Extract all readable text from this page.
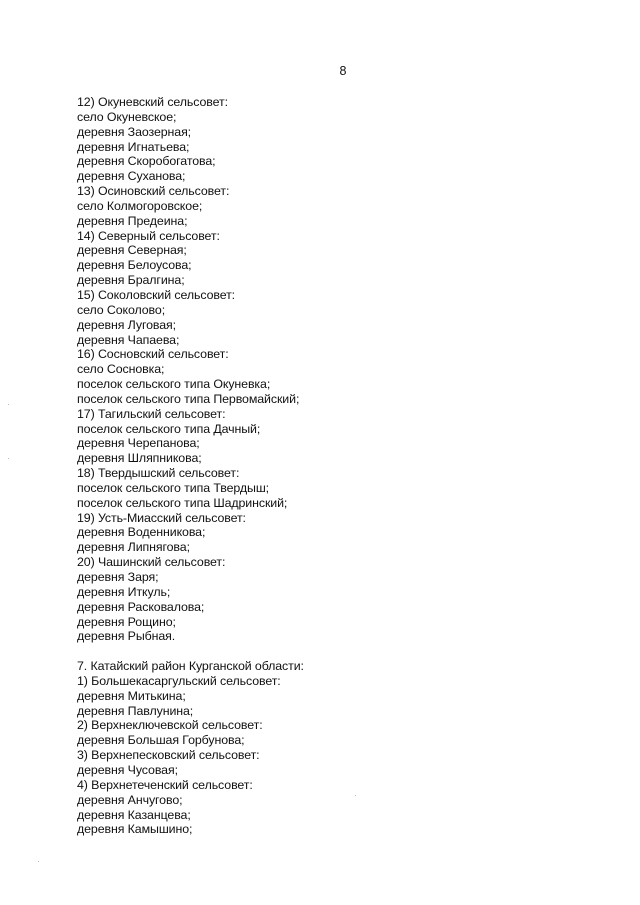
8
12) Окуневский сельсовет:
село Окуневское;
деревня Заозерная;
деревня Игнатьева;
деревня Скоробогатова;
деревня Суханова;
13) Осиновский сельсовет:
село Колмогоровское;
деревня Предеина;
14) Северный сельсовет:
деревня Северная;
деревня Белоусова;
деревня Бралгина;
15) Соколовский сельсовет:
село Соколово;
деревня Луговая;
деревня Чапаева;
16) Сосновский сельсовет:
село Сосновка;
поселок сельского типа Окуневка;
поселок сельского типа Первомайский;
17) Тагильский сельсовет:
поселок сельского типа Дачный;
деревня Черепанова;
деревня Шляпникова;
18) Твердышский сельсовет:
поселок сельского типа Твердыш;
поселок сельского типа Шадринский;
19) Усть-Миасский сельсовет:
деревня Воденникова;
деревня Липнягова;
20) Чашинский сельсовет:
деревня Заря;
деревня Иткуль;
деревня Расковалова;
деревня Рощино;
деревня Рыбная.
7. Катайский район Курганской области:
1) Большекасаргульский сельсовет:
деревня Митькина;
деревня Павлунина;
2) Верхнеключевской сельсовет:
деревня Большая Горбунова;
3) Верхнепесковский сельсовет:
деревня Чусовая;
4) Верхнетеченский сельсовет:
деревня Анчугово;
деревня Казанцева;
деревня Камышино;
